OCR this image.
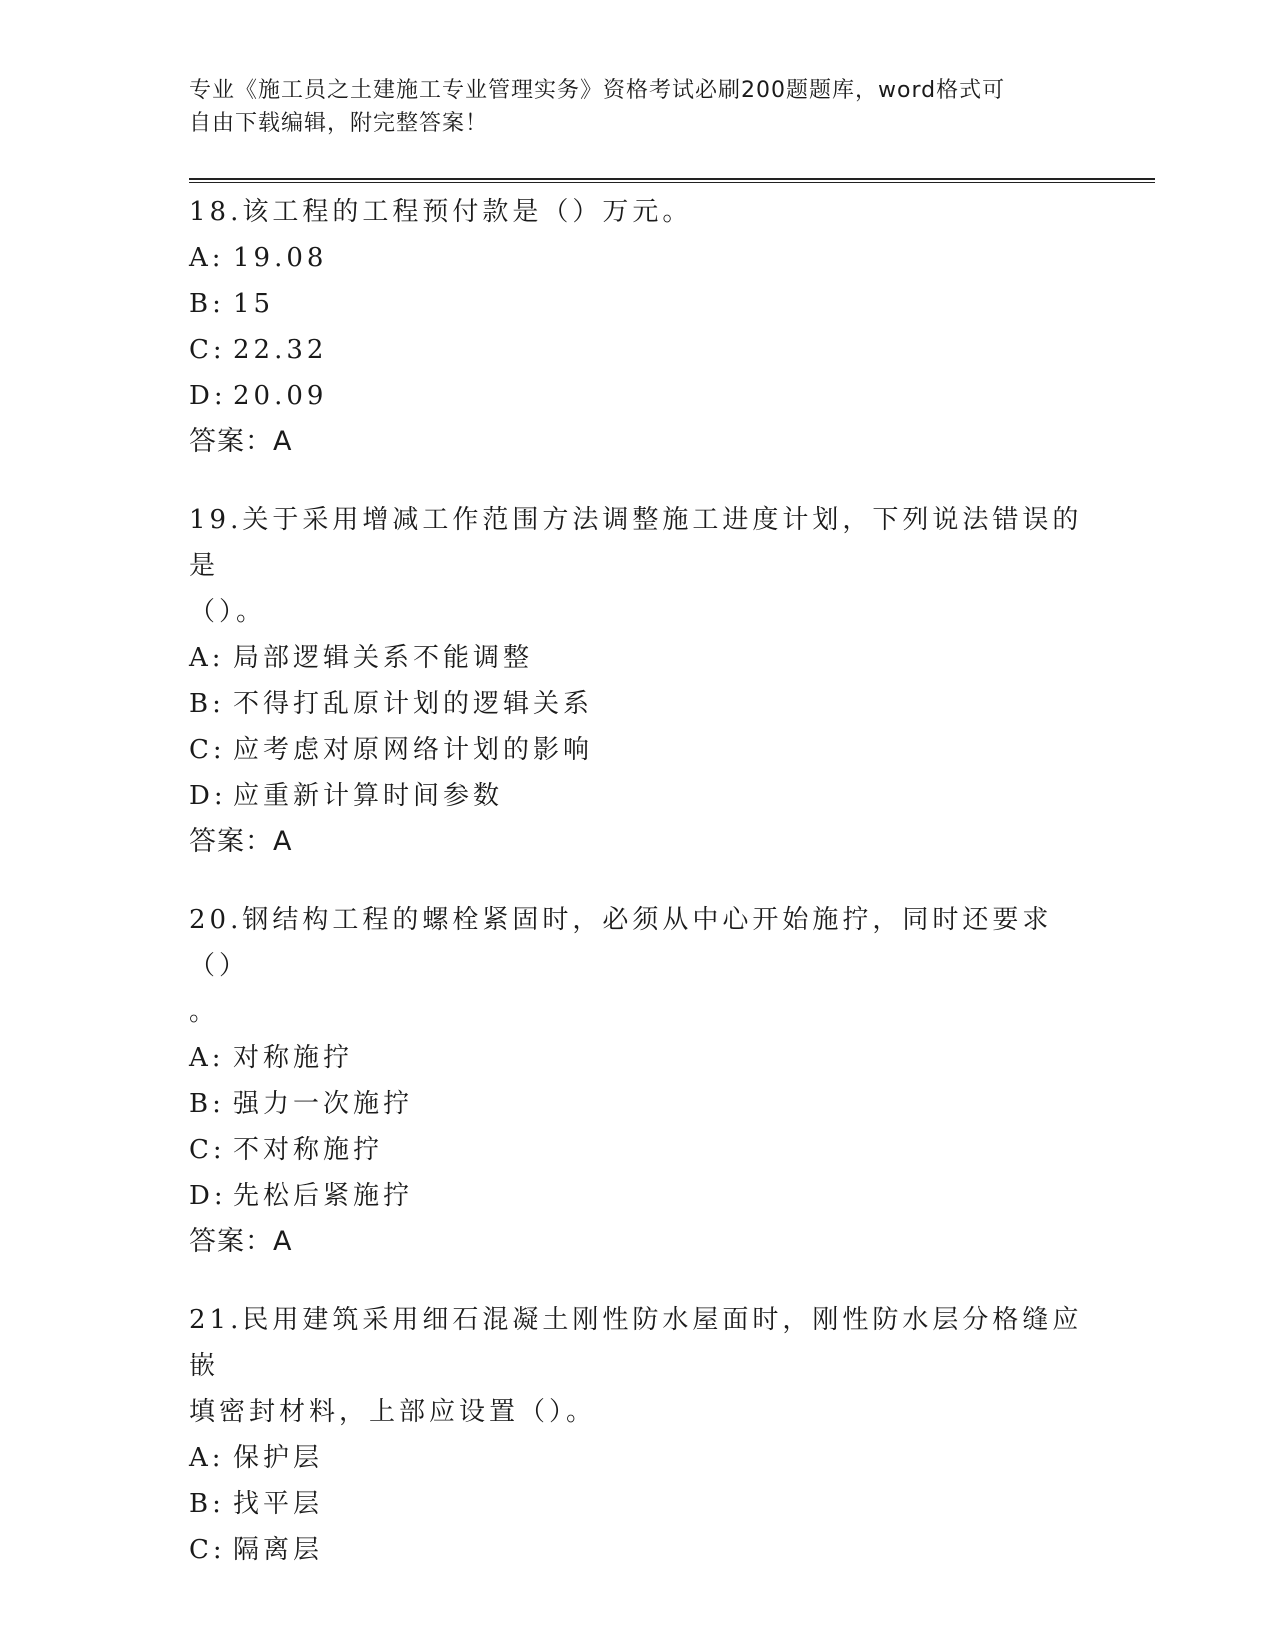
专业《施工员之土建施工专业管理实务》资格考试必刷200题题库，word格式可
自由下载编辑，附完整答案！
18.该工程的工程预付款是（）万元。
A: 19.08
B: 15
C: 22.32
D: 20.09
答案：A
19.关于采用增减工作范围方法调整施工进度计划，下列说法错误的是
（）。
A: 局部逻辑关系不能调整
B: 不得打乱原计划的逻辑关系
C: 应考虑对原网络计划的影响
D: 应重新计算时间参数
答案：A
20.钢结构工程的螺栓紧固时，必须从中心开始施拧，同时还要求（）
。
A: 对称施拧
B: 强力一次施拧
C: 不对称施拧
D: 先松后紧施拧
答案：A
21.民用建筑采用细石混凝土刚性防水屋面时，刚性防水层分格缝应嵌
填密封材料，上部应设置（）。
A: 保护层
B: 找平层
C: 隔离层
